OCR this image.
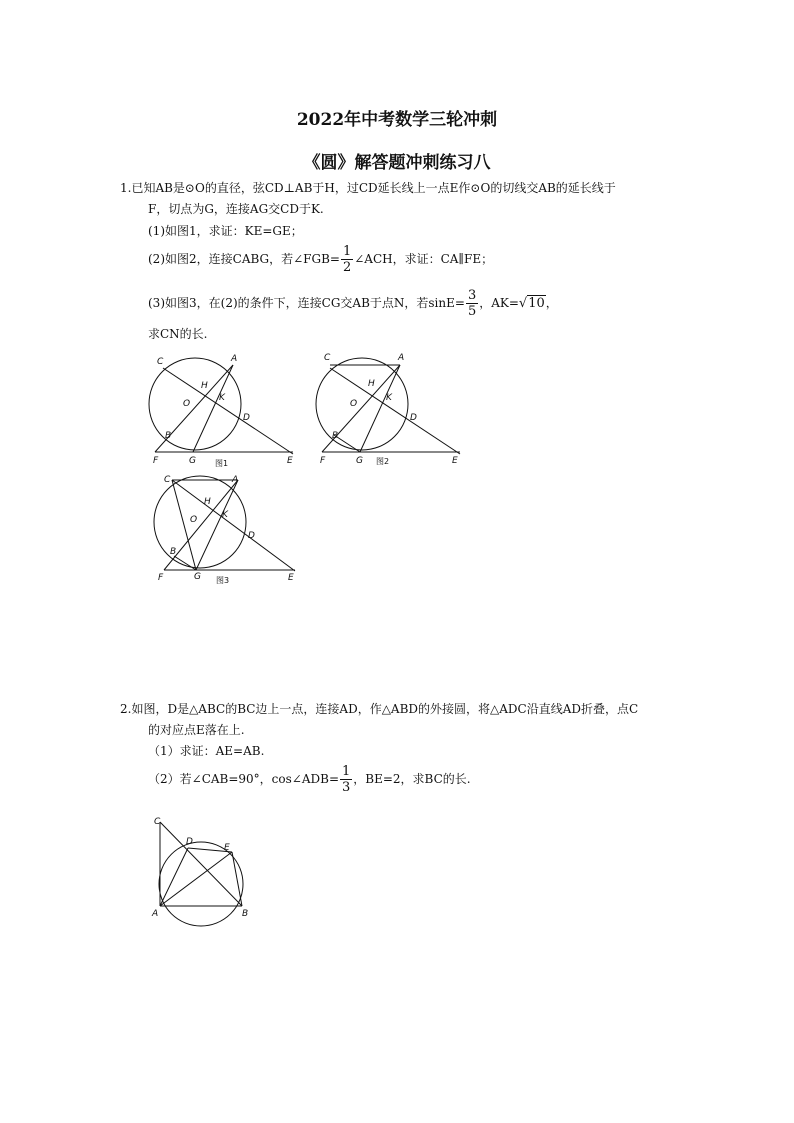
2022年中考数学三轮冲刺
《圆》解答题冲刺练习八
1.已知AB是⊙O的直径，弦CD⊥AB于H，过CD延长线上一点E作⊙O的切线交AB的延长线于
F，切点为G，连接AG交CD于K.
(1)如图1，求证：KE=GE；
(2)如图2，连接CABG，若∠FGB= $\frac{1}{2}$ ∠ACH，求证：CA∥FE；
(3)如图3，在(2)的条件下，连接CG交AB于点N，若$\sin E= \frac{3}{5}$ ，AK=√10，
求CN的长.
C	A
H
O
K
D
B
F	G	E
图1
C	A
H
O
K
D
B
F	G	E
图2
C	A
H
O	K
D
B
F	G	E
图3
2.如图，D是△ABC的BC边上一点，连接AD，作△ABD的外接圆，将△ADC沿直线AD折叠，点C
的对应点E落在上.
（1）求证：AE=AB.
（2）若∠CAB=90°，cos∠ADB= $\frac{1}{3}$ ，BE=2，求BC的长.
C
D
E
A	B
